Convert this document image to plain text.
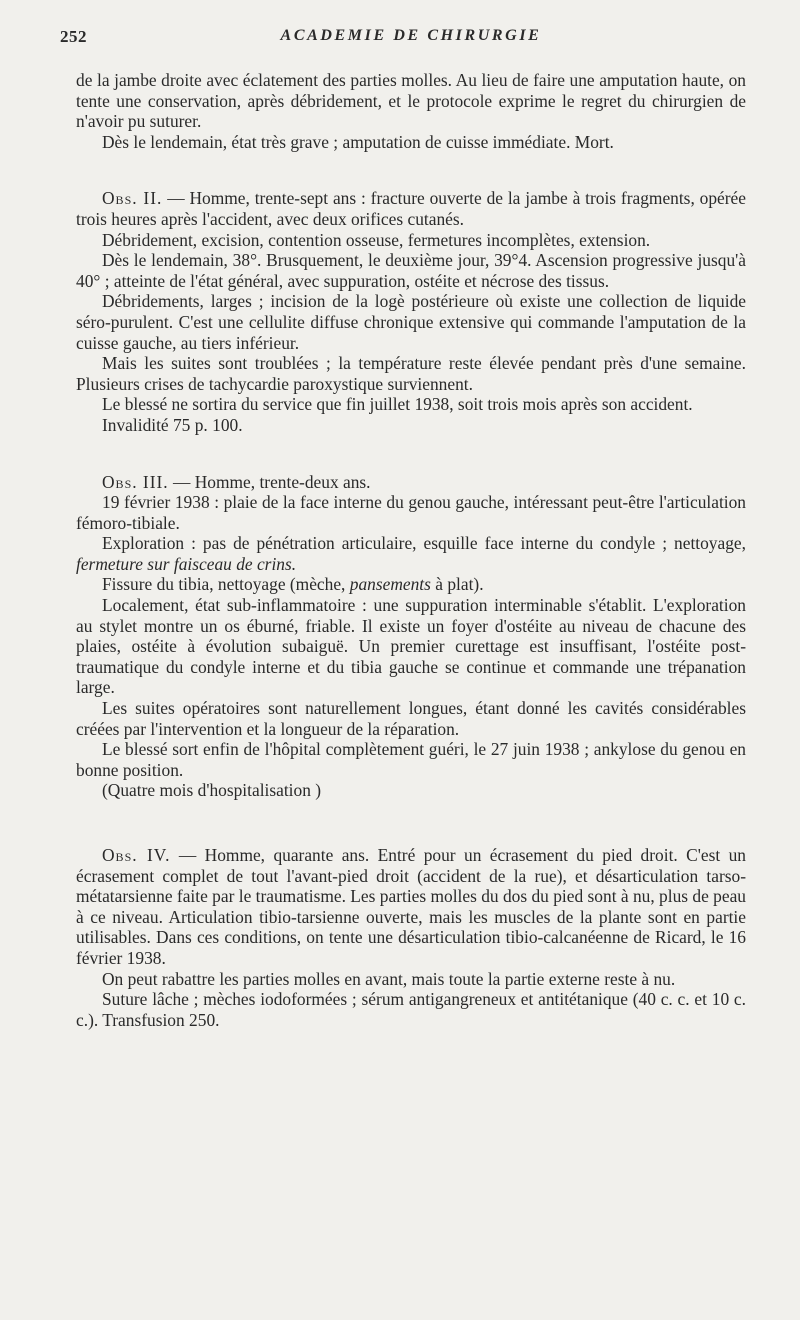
252	ACADEMIE DE CHIRURGIE

de la jambe droite avec éclatement des parties molles. Au lieu de faire une amputation haute, on tente une conservation, après débridement, et le protocole exprime le regret du chirurgien de n'avoir pu suturer.

Dès le lendemain, état très grave ; amputation de cuisse immédiate. Mort.

Obs. II. — Homme, trente-sept ans : fracture ouverte de la jambe à trois fragments, opérée trois heures après l'accident, avec deux orifices cutanés.

Débridement, excision, contention osseuse, fermetures incomplètes, extension.

Dès le lendemain, 38°. Brusquement, le deuxième jour, 39°4. Ascension progressive jusqu'à 40° ; atteinte de l'état général, avec suppuration, ostéite et nécrose des tissus.

Débridements, larges ; incision de la logè postérieure où existe une collection de liquide séro-purulent. C'est une cellulite diffuse chronique extensive qui commande l'amputation de la cuisse gauche, au tiers inférieur.

Mais les suites sont troublées ; la température reste élevée pendant près d'une semaine. Plusieurs crises de tachycardie paroxystique surviennent.

Le blessé ne sortira du service que fin juillet 1938, soit trois mois après son accident.

Invalidité 75 p. 100.

Obs. III. — Homme, trente-deux ans.

19 février 1938 : plaie de la face interne du genou gauche, intéressant peut-être l'articulation fémoro-tibiale.

Exploration : pas de pénétration articulaire, esquille face interne du condyle ; nettoyage, fermeture sur faisceau de crins.

Fissure du tibia, nettoyage (mèche, pansements à plat).

Localement, état sub-inflammatoire : une suppuration interminable s'établit. L'exploration au stylet montre un os éburné, friable. Il existe un foyer d'ostéite au niveau de chacune des plaies, ostéite à évolution subaiguë. Un premier curettage est insuffisant, l'ostéite post-traumatique du condyle interne et du tibia gauche se continue et commande une trépanation large.

Les suites opératoires sont naturellement longues, étant donné les cavités considérables créées par l'intervention et la longueur de la réparation.

Le blessé sort enfin de l'hôpital complètement guéri, le 27 juin 1938 ; ankylose du genou en bonne position.

(Quatre mois d'hospitalisation )

Obs. IV. — Homme, quarante ans. Entré pour un écrasement du pied droit. C'est un écrasement complet de tout l'avant-pied droit (accident de la rue), et désarticulation tarso-métatarsienne faite par le traumatisme. Les parties molles du dos du pied sont à nu, plus de peau à ce niveau. Articulation tibio-tarsienne ouverte, mais les muscles de la plante sont en partie utilisables. Dans ces conditions, on tente une désarticulation tibio-calcanéenne de Ricard, le 16 février 1938.

On peut rabattre les parties molles en avant, mais toute la partie externe reste à nu.

Suture lâche ; mèches iodoformées ; sérum antigangreneux et antitétanique (40 c. c. et 10 c. c.). Transfusion 250.
